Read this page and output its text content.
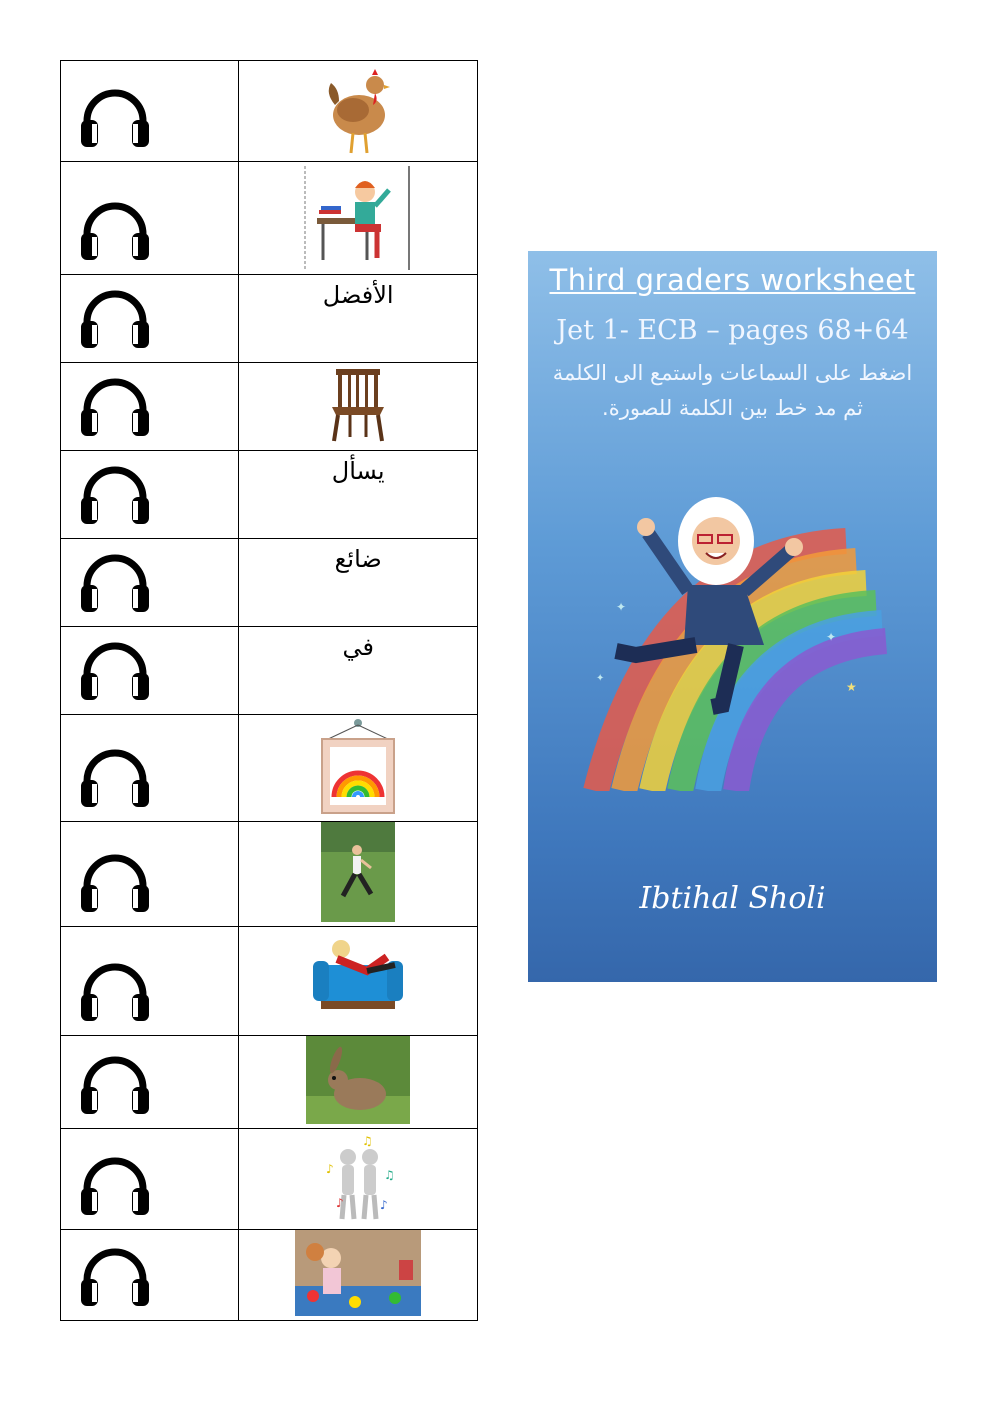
الأفضل

يسأل

ضائع

في

♪ ♫
♪ ♪
♫

Third graders worksheet
Jet 1- ECB – pages 68+64
اضغط على السماعات واستمع الى الكلمة
ثم مد خط بين الكلمة للصورة.
✦
✦
★
✦
Ibtihal Sholi
